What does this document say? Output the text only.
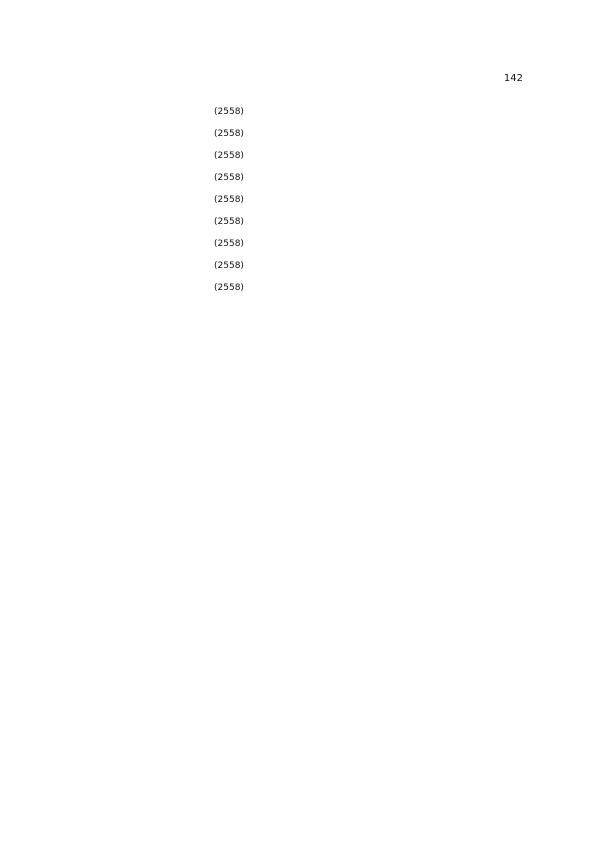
142
( 2558 )
( 2558 )
( 2558 )
( 2558 )
( 2558 )
( 2558 )
( 2558 )
( 2558 )
( 2558 )
